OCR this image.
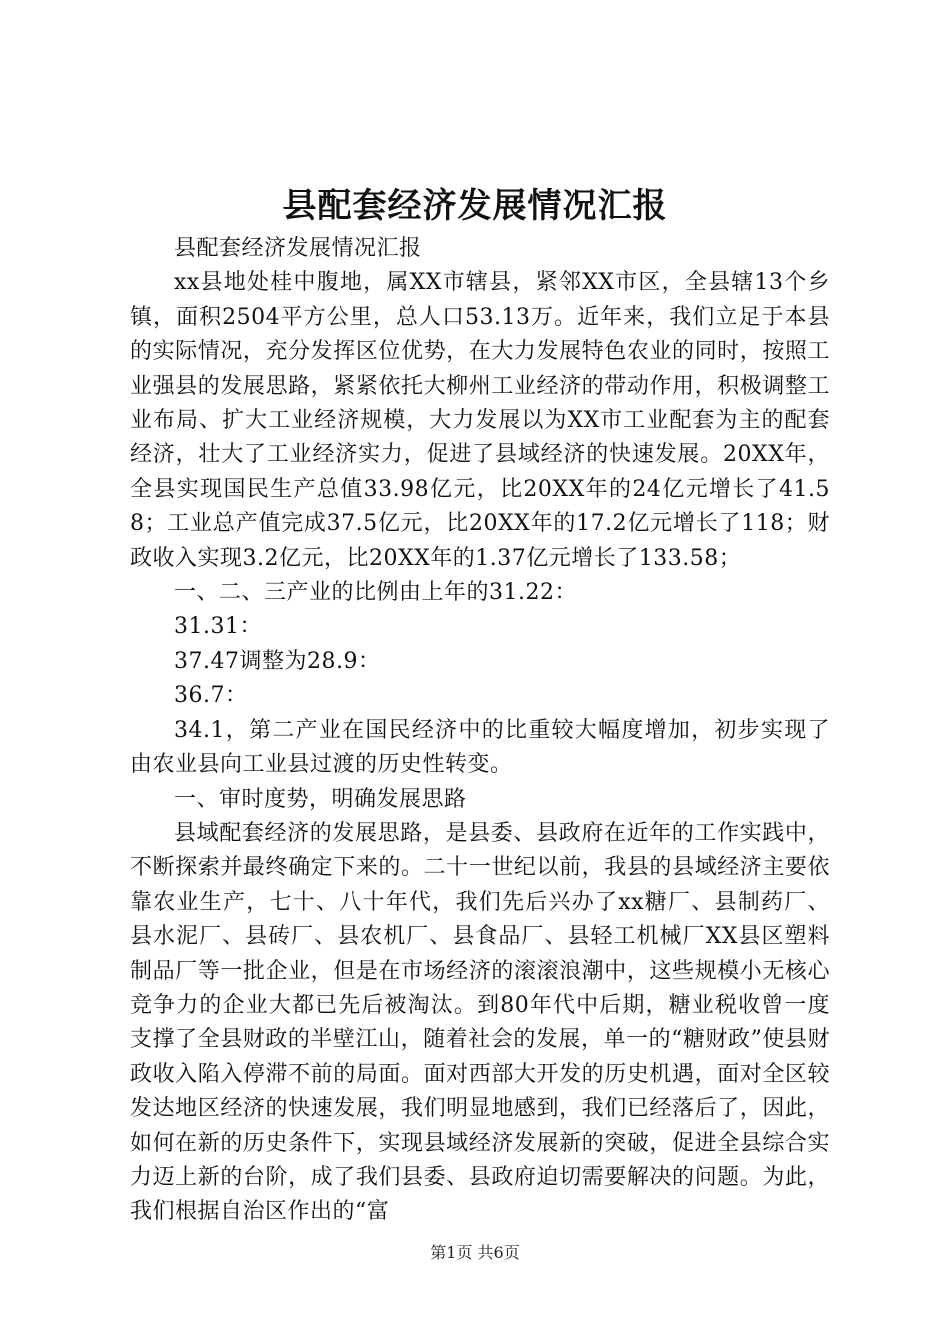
县配套经济发展情况汇报

县配套经济发展情况汇报

xx县地处桂中腹地，属XX市辖县，紧邻XX市区，全县辖13个乡镇，面积2504平方公里，总人口53.13万。近年来，我们立足于本县的实际情况，充分发挥区位优势，在大力发展特色农业的同时，按照工业强县的发展思路，紧紧依托大柳州工业经济的带动作用，积极调整工业布局、扩大工业经济规模，大力发展以为XX市工业配套为主的配套经济，壮大了工业经济实力，促进了县域经济的快速发展。20XX年，全县实现国民生产总值33.98亿元，比20XX年的24亿元增长了41.58；工业总产值完成37.5亿元，比20XX年的17.2亿元增长了118；财政收入实现3.2亿元，比20XX年的1.37亿元增长了133.58；

一、二、三产业的比例由上年的31.22：

31.31：

37.47调整为28.9：

36.7：

34.1，第二产业在国民经济中的比重较大幅度增加，初步实现了由农业县向工业县过渡的历史性转变。

一、审时度势，明确发展思路

县域配套经济的发展思路，是县委、县政府在近年的工作实践中，不断探索并最终确定下来的。二十一世纪以前，我县的县域经济主要依靠农业生产，七十、八十年代，我们先后兴办了xx糖厂、县制药厂、县水泥厂、县砖厂、县农机厂、县食品厂、县轻工机械厂XX县区塑料制品厂等一批企业，但是在市场经济的滚滚浪潮中，这些规模小无核心竞争力的企业大都已先后被淘汰。到80年代中后期，糖业税收曾一度支撑了全县财政的半壁江山，随着社会的发展，单一的“糖财政”使县财政收入陷入停滞不前的局面。面对西部大开发的历史机遇，面对全区较发达地区经济的快速发展，我们明显地感到，我们已经落后了，因此，如何在新的历史条件下，实现县域经济发展新的突破，促进全县综合实力迈上新的台阶，成了我们县委、县政府迫切需要解决的问题。为此，我们根据自治区作出的“富

第1页 共6页
